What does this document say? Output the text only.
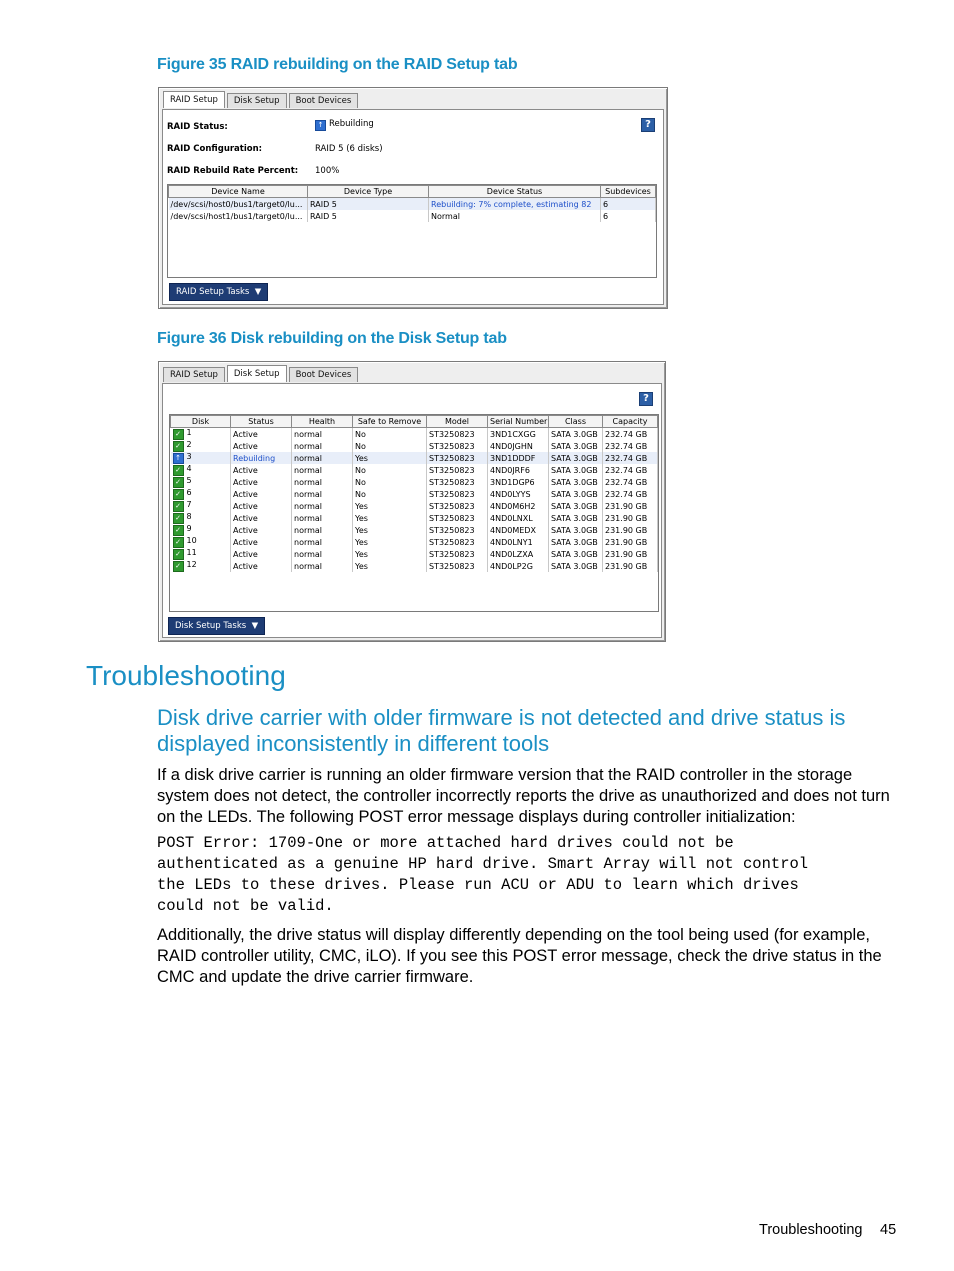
Figure 35 RAID rebuilding on the RAID Setup tab
RAID Setup	Disk Setup	Boot Devices
?
RAID Status:	↑ Rebuilding
RAID Configuration:	RAID 5 (6 disks)
RAID Rebuild Rate Percent: 100%
Device Name	Device Type	Device Status	Subdevices
/dev/scsi/host0/bus1/target0/lu...	RAID 5	Rebuilding: 7% complete, estimating 82	6
/dev/scsi/host1/bus1/target0/lu...	RAID 5	Normal	6
RAID Setup Tasks  ▼
Figure 36 Disk rebuilding on the Disk Setup tab
RAID Setup	Disk Setup	Boot Devices
?
Disk	Status	Health	Safe to Remove	Model	Serial Number	Class	Capacity
✓ 1	Active	normal	No	ST3250823	3ND1CXGG	SATA 3.0GB	232.74 GB
✓ 2	Active	normal	No	ST3250823	4ND0JGHN	SATA 3.0GB	232.74 GB
↑ 3	Rebuilding	normal	Yes	ST3250823	3ND1DDDF	SATA 3.0GB	232.74 GB
✓ 4	Active	normal	No	ST3250823	4ND0JRF6	SATA 3.0GB	232.74 GB
✓ 5	Active	normal	No	ST3250823	3ND1DGP6	SATA 3.0GB	232.74 GB
✓ 6	Active	normal	No	ST3250823	4ND0LYYS	SATA 3.0GB	232.74 GB
✓ 7	Active	normal	Yes	ST3250823	4ND0M6H2	SATA 3.0GB	231.90 GB
✓ 8	Active	normal	Yes	ST3250823	4ND0LNXL	SATA 3.0GB	231.90 GB
✓ 9	Active	normal	Yes	ST3250823	4ND0MEDX	SATA 3.0GB	231.90 GB
✓ 10	Active	normal	Yes	ST3250823	4ND0LNY1	SATA 3.0GB	231.90 GB
✓ 11	Active	normal	Yes	ST3250823	4ND0LZXA	SATA 3.0GB	231.90 GB
✓ 12	Active	normal	Yes	ST3250823	4ND0LP2G	SATA 3.0GB	231.90 GB
Disk Setup Tasks  ▼
Troubleshooting
Disk drive carrier with older firmware is not detected and drive status is displayed inconsistently in different tools
If a disk drive carrier is running an older firmware version that the RAID controller in the storage system does not detect, the controller incorrectly reports the drive as unauthorized and does not turn on the LEDs. The following POST error message displays during controller initialization:
POST Error: 1709-One or more attached hard drives could not be
authenticated as a genuine HP hard drive. Smart Array will not control
the LEDs to these drives. Please run ACU or ADU to learn which drives
could not be valid.
Additionally, the drive status will display differently depending on the tool being used (for example, RAID controller utility, CMC, iLO). If you see this POST error message, check the drive status in the CMC and update the drive carrier firmware.
Troubleshooting 45
